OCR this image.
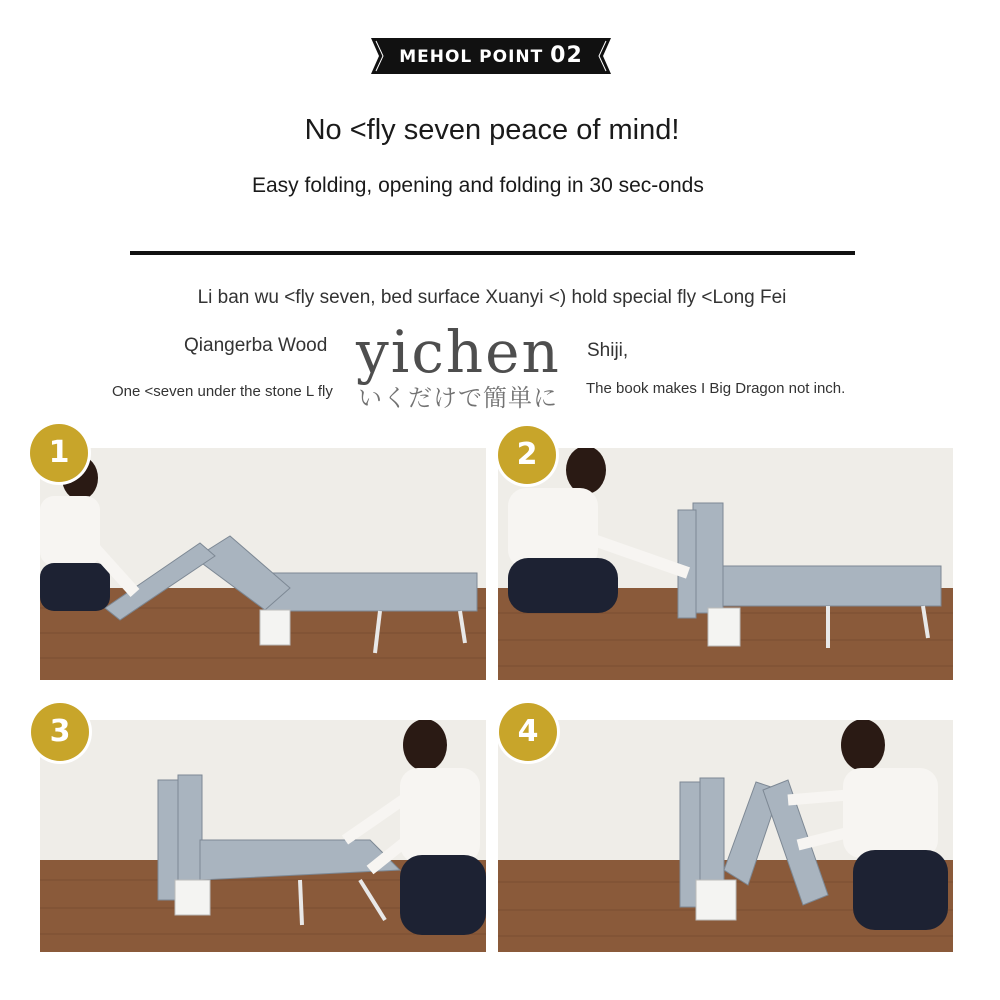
MEHOL POINT 02
No <fly seven peace of mind!
Easy folding, opening and folding in 30 sec-onds
Li ban wu <fly seven, bed surface Xuanyi <) hold special fly <Long Fei
Qiangerba Wood	Shiji,
One <seven under the stone L fly	The book makes I Big Dragon not inch.
いくだけで簡単に
yichen
1	2
3	4
